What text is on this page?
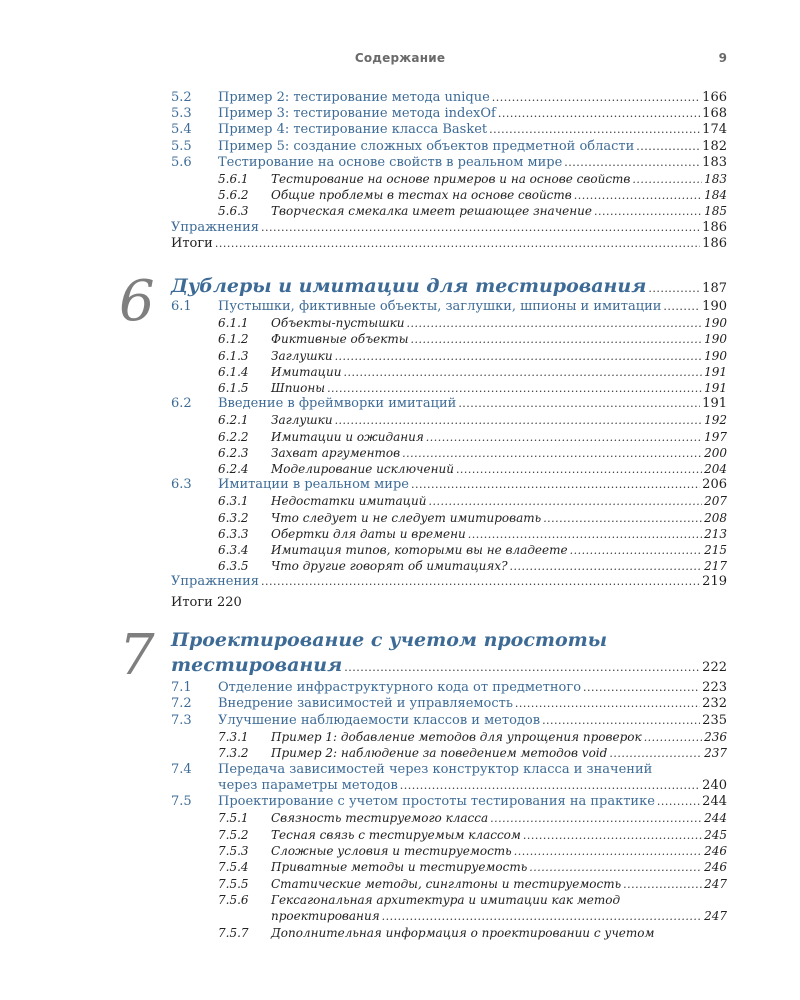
Содержание	9
5.2	Пример 2: тестирование метода unique .....	166
5.3	Пример 3: тестирование метода indexOf .....	168
5.4	Пример 4: тестирование класса Basket .....	174
5.5	Пример 5: создание сложных объектов предметной области .....	182
5.6	Тестирование на основе свойств в реальном мире .....	183
5.6.1	Тестирование на основе примеров и на основе свойств .....	183
5.6.2	Общие проблемы в тестах на основе свойств .....	184
5.6.3	Творческая смекалка имеет решающее значение .....	185
Упражнения .....	186
Итоги .....	186
6 Дублеры и имитации для тестирования .....	187
6.1	Пустышки, фиктивные объекты, заглушки, шпионы и имитации .....	190
6.1.1	Объекты-пустышки .....	190
6.1.2	Фиктивные объекты .....	190
6.1.3	Заглушки .....	190
6.1.4	Имитации .....	191
6.1.5	Шпионы .....	191
6.2	Введение в фреймворки имитаций .....	191
6.2.1	Заглушки .....	192
6.2.2	Имитации и ожидания .....	197
6.2.3	Захват аргументов .....	200
6.2.4	Моделирование исключений .....	204
6.3	Имитации в реальном мире .....	206
6.3.1	Недостатки имитаций .....	207
6.3.2	Что следует и не следует имитировать .....	208
6.3.3	Обертки для даты и времени .....	213
6.3.4	Имитация типов, которыми вы не владеете .....	215
6.3.5	Что другие говорят об имитациях? .....	217
Упражнения .....	219
Итоги 220
7 Проектирование с учетом простоты
тестирования .....	222
7.1	Отделение инфраструктурного кода от предметного .....	223
7.2	Внедрение зависимостей и управляемость .....	232
7.3	Улучшение наблюдаемости классов и методов .....	235
7.3.1	Пример 1: добавление методов для упрощения проверок .....	236
7.3.2	Пример 2: наблюдение за поведением методов void .....	237
7.4	Передача зависимостей через конструктор класса и значений
через параметры методов .....	240
7.5	Проектирование с учетом простоты тестирования на практике .....	244
7.5.1	Связность тестируемого класса .....	244
7.5.2	Тесная связь с тестируемым классом .....	245
7.5.3	Сложные условия и тестируемость .....	246
7.5.4	Приватные методы и тестируемость .....	246
7.5.5	Статические методы, синглтоны и тестируемость .....	247
7.5.6	Гексагональная архитектура и имитации как метод
проектирования .....	247
7.5.7	Дополнительная информация о проектировании с учетом
